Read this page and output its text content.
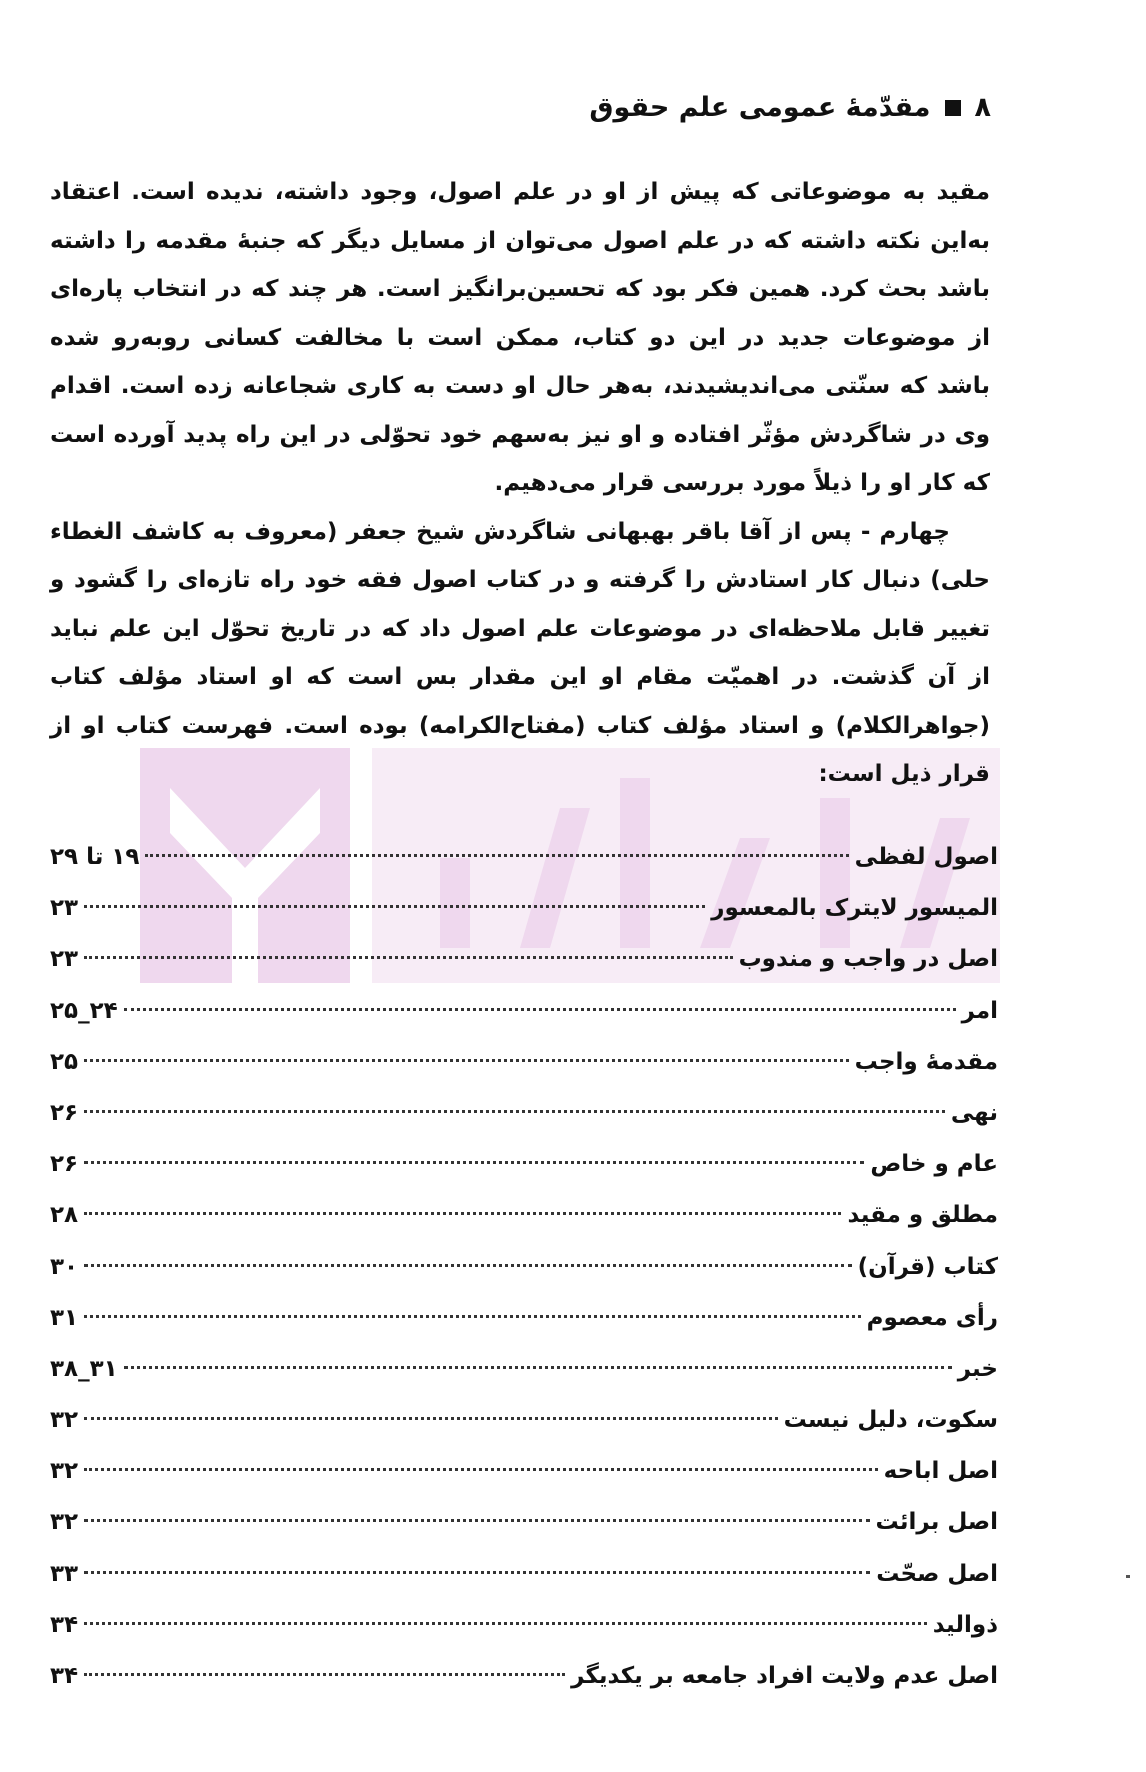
۸
مقدّمهٔ عمومی علم حقوق
مقید به موضوعاتی که پیش از او در علم اصول، وجود داشته، ندیده است. اعتقاد
به‌این نکته داشته که در علم اصول می‌توان از مسایل دیگر که جنبهٔ مقدمه را داشته
باشد بحث کرد. همین فکر بود که تحسین‌برانگیز است. هر چند که در انتخاب پاره‌ای
از موضوعات جدید در این دو کتاب، ممکن است با مخالفت کسانی روبه‌رو شده
باشد که سنّتی می‌اندیشیدند، به‌هر حال او دست به کاری شجاعانه زده است. اقدام
وی در شاگردش مؤثّر افتاده و او نیز به‌سهم خود تحوّلی در این راه پدید آورده است
که کار او را ذیلاً مورد بررسی قرار می‌دهیم.
چهارم - پس از آقا باقر بهبهانی شاگردش شیخ جعفر (معروف به کاشف الغطاء
حلی) دنبال کار استادش را گرفته و در کتاب اصول فقه خود راه تازه‌ای را گشود و
تغییر قابل ملاحظه‌ای در موضوعات علم اصول داد که در تاریخ تحوّل این علم نباید
از آن گذشت. در اهمیّت مقام او این مقدار بس است که او استاد مؤلف کتاب
(جواهرالکلام) و استاد مؤلف کتاب (مفتاح‌الکرامه) بوده است. فهرست کتاب او از
قرار ذیل است:
اصول لفظی
۱۹ تا ۲۹
المیسور لایترک بالمعسور
۲۳
اصل در واجب و مندوب
۲۳
امر
۲۴_۲۵
مقدمهٔ واجب
۲۵
نهی
۲۶
عام و خاص
۲۶
مطلق و مقید
۲۸
کتاب (قرآن)
۳۰
رأی معصوم
۳۱
خبر
۳۱_۳۸
سکوت، دلیل نیست
۳۲
اصل اباحه
۳۲
اصل برائت
۳۲
اصل صحّت
۳۳
ذوالید
۳۴
اصل عدم ولایت افراد جامعه بر یکدیگر
۳۴
